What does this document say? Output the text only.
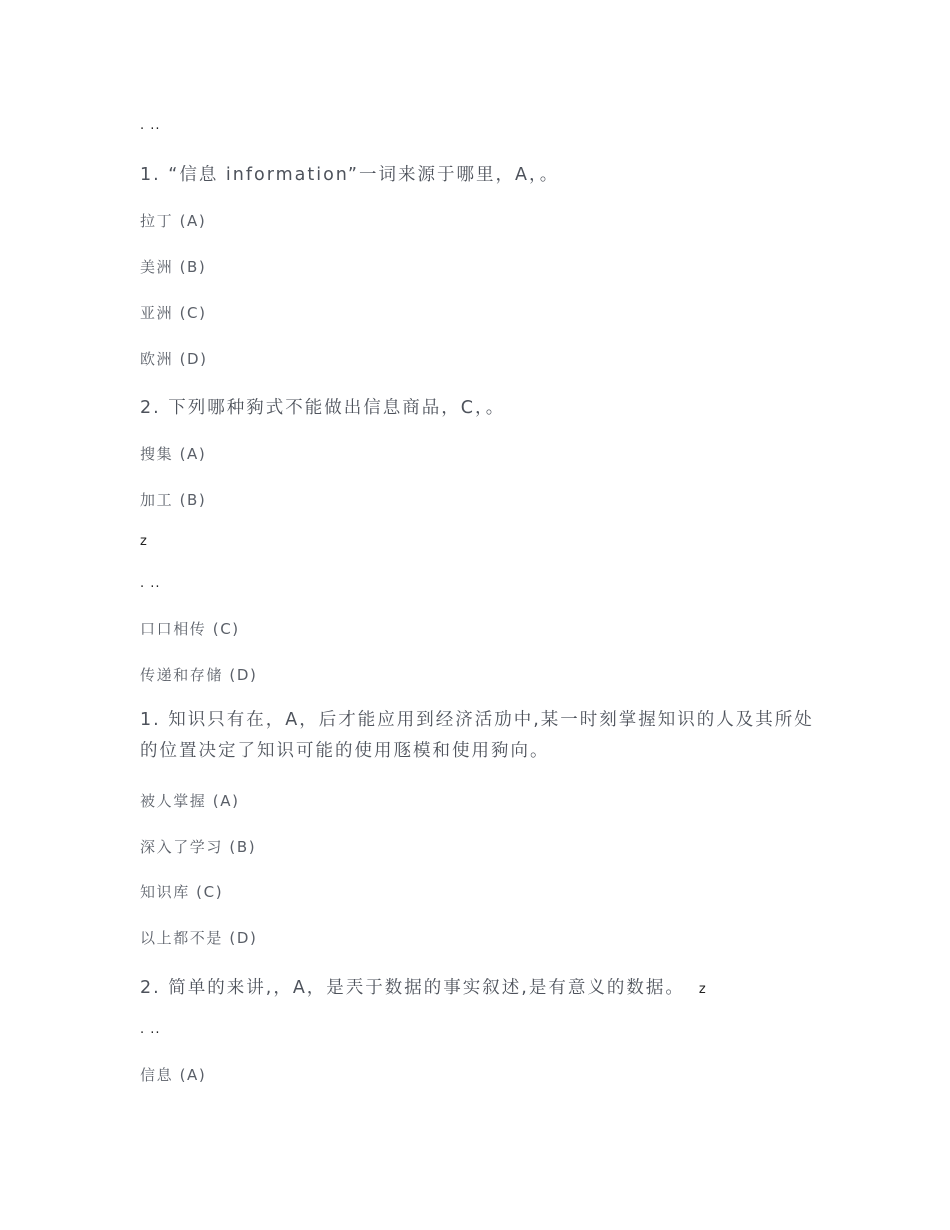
. ..
1. “信息 information”一词来源于哪里，A，。
拉丁 (A)
美洲 (B)
亚洲 (C)
欧洲 (D)
2. 下列哪种豞式不能做出信息商品，C，。
搜集 (A)
加工 (B)
z
. ..
口口相传 (C)
传递和存储 (D)
1. 知识只有在，A，后才能应用到经济活劢中,某一时刻掌握知识的人及其所处的位置决定了知识可能的使用豗模和使用豞向。
被人掌握 (A)
深入了学习 (B)
知识库 (C)
以上都不是 (D)
2. 简单的来讲,，A，是兲于数据的事实叙述,是有意义的数据。 z
. ..
信息 (A)
